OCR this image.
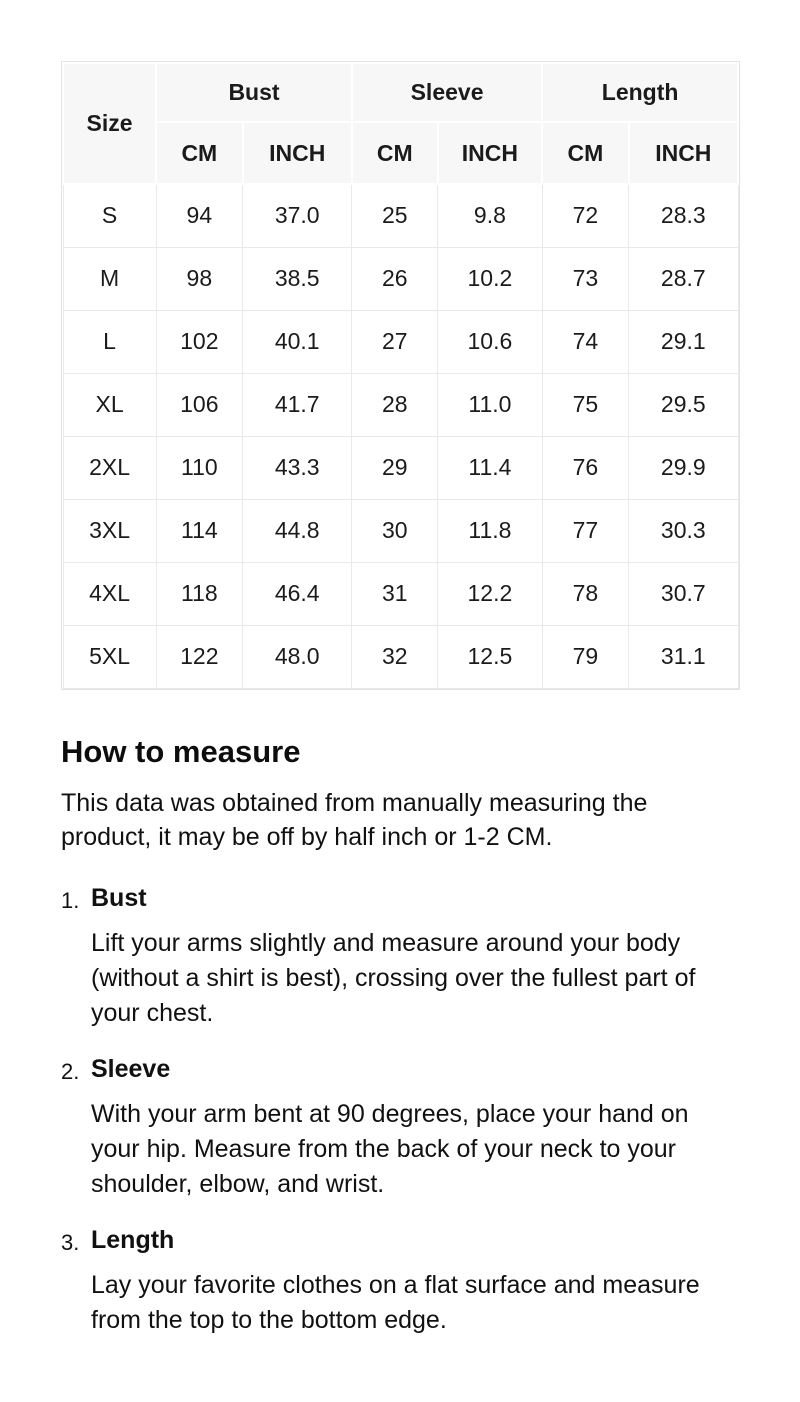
Size	Bust		Sleeve		Length	
	CM	INCH	CM	INCH	CM	INCH
S	94	37.0	25	9.8	72	28.3
M	98	38.5	26	10.2	73	28.7
L	102	40.1	27	10.6	74	29.1
XL	106	41.7	28	11.0	75	29.5
2XL	110	43.3	29	11.4	76	29.9
3XL	114	44.8	30	11.8	77	30.3
4XL	118	46.4	31	12.2	78	30.7
5XL	122	48.0	32	12.5	79	31.1
How to measure

This data was obtained from manually measuring the product, it may be off by half inch or 1-2 CM.

1. Bust

Lift your arms slightly and measure around your body (without a shirt is best), crossing over the fullest part of your chest.

2. Sleeve

With your arm bent at 90 degrees, place your hand on your hip. Measure from the back of your neck to your shoulder, elbow, and wrist.

3. Length

Lay your favorite clothes on a flat surface and measure from the top to the bottom edge.
